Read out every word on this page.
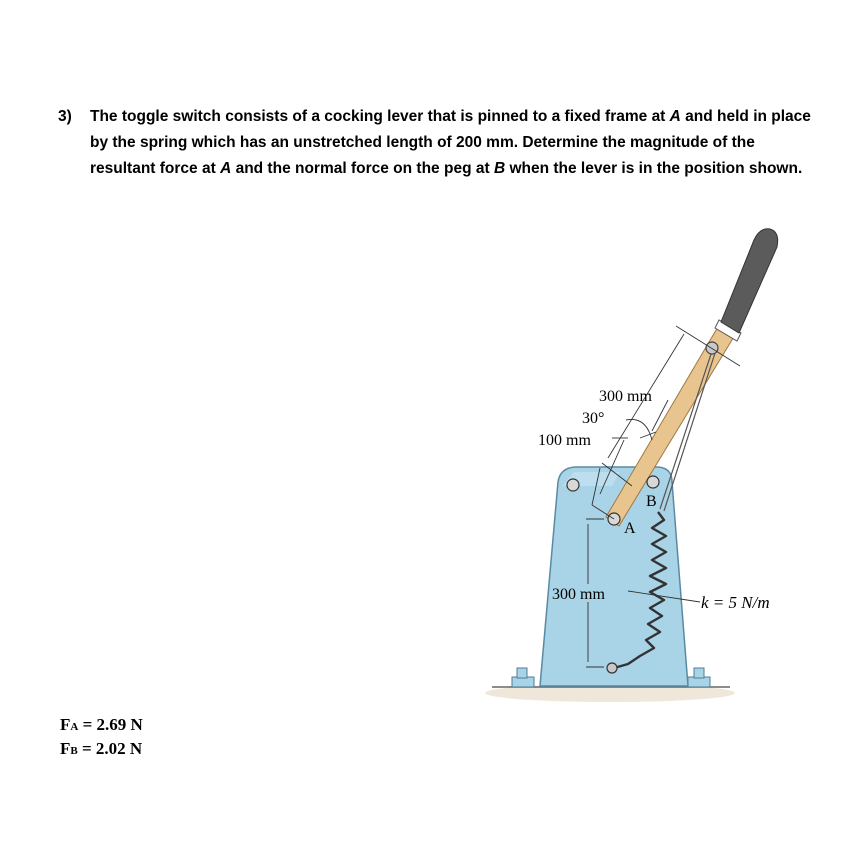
3) The toggle switch consists of a cocking lever that is pinned to a fixed frame at A and held in place by the spring which has an unstretched length of 200 mm. Determine the magnitude of the resultant force at A and the normal force on the peg at B when the lever is in the position shown.
300 mm
30°
100 mm
300 mm
A
B
k = 5 N/m
FA = 2.69 N
FB = 2.02 N
